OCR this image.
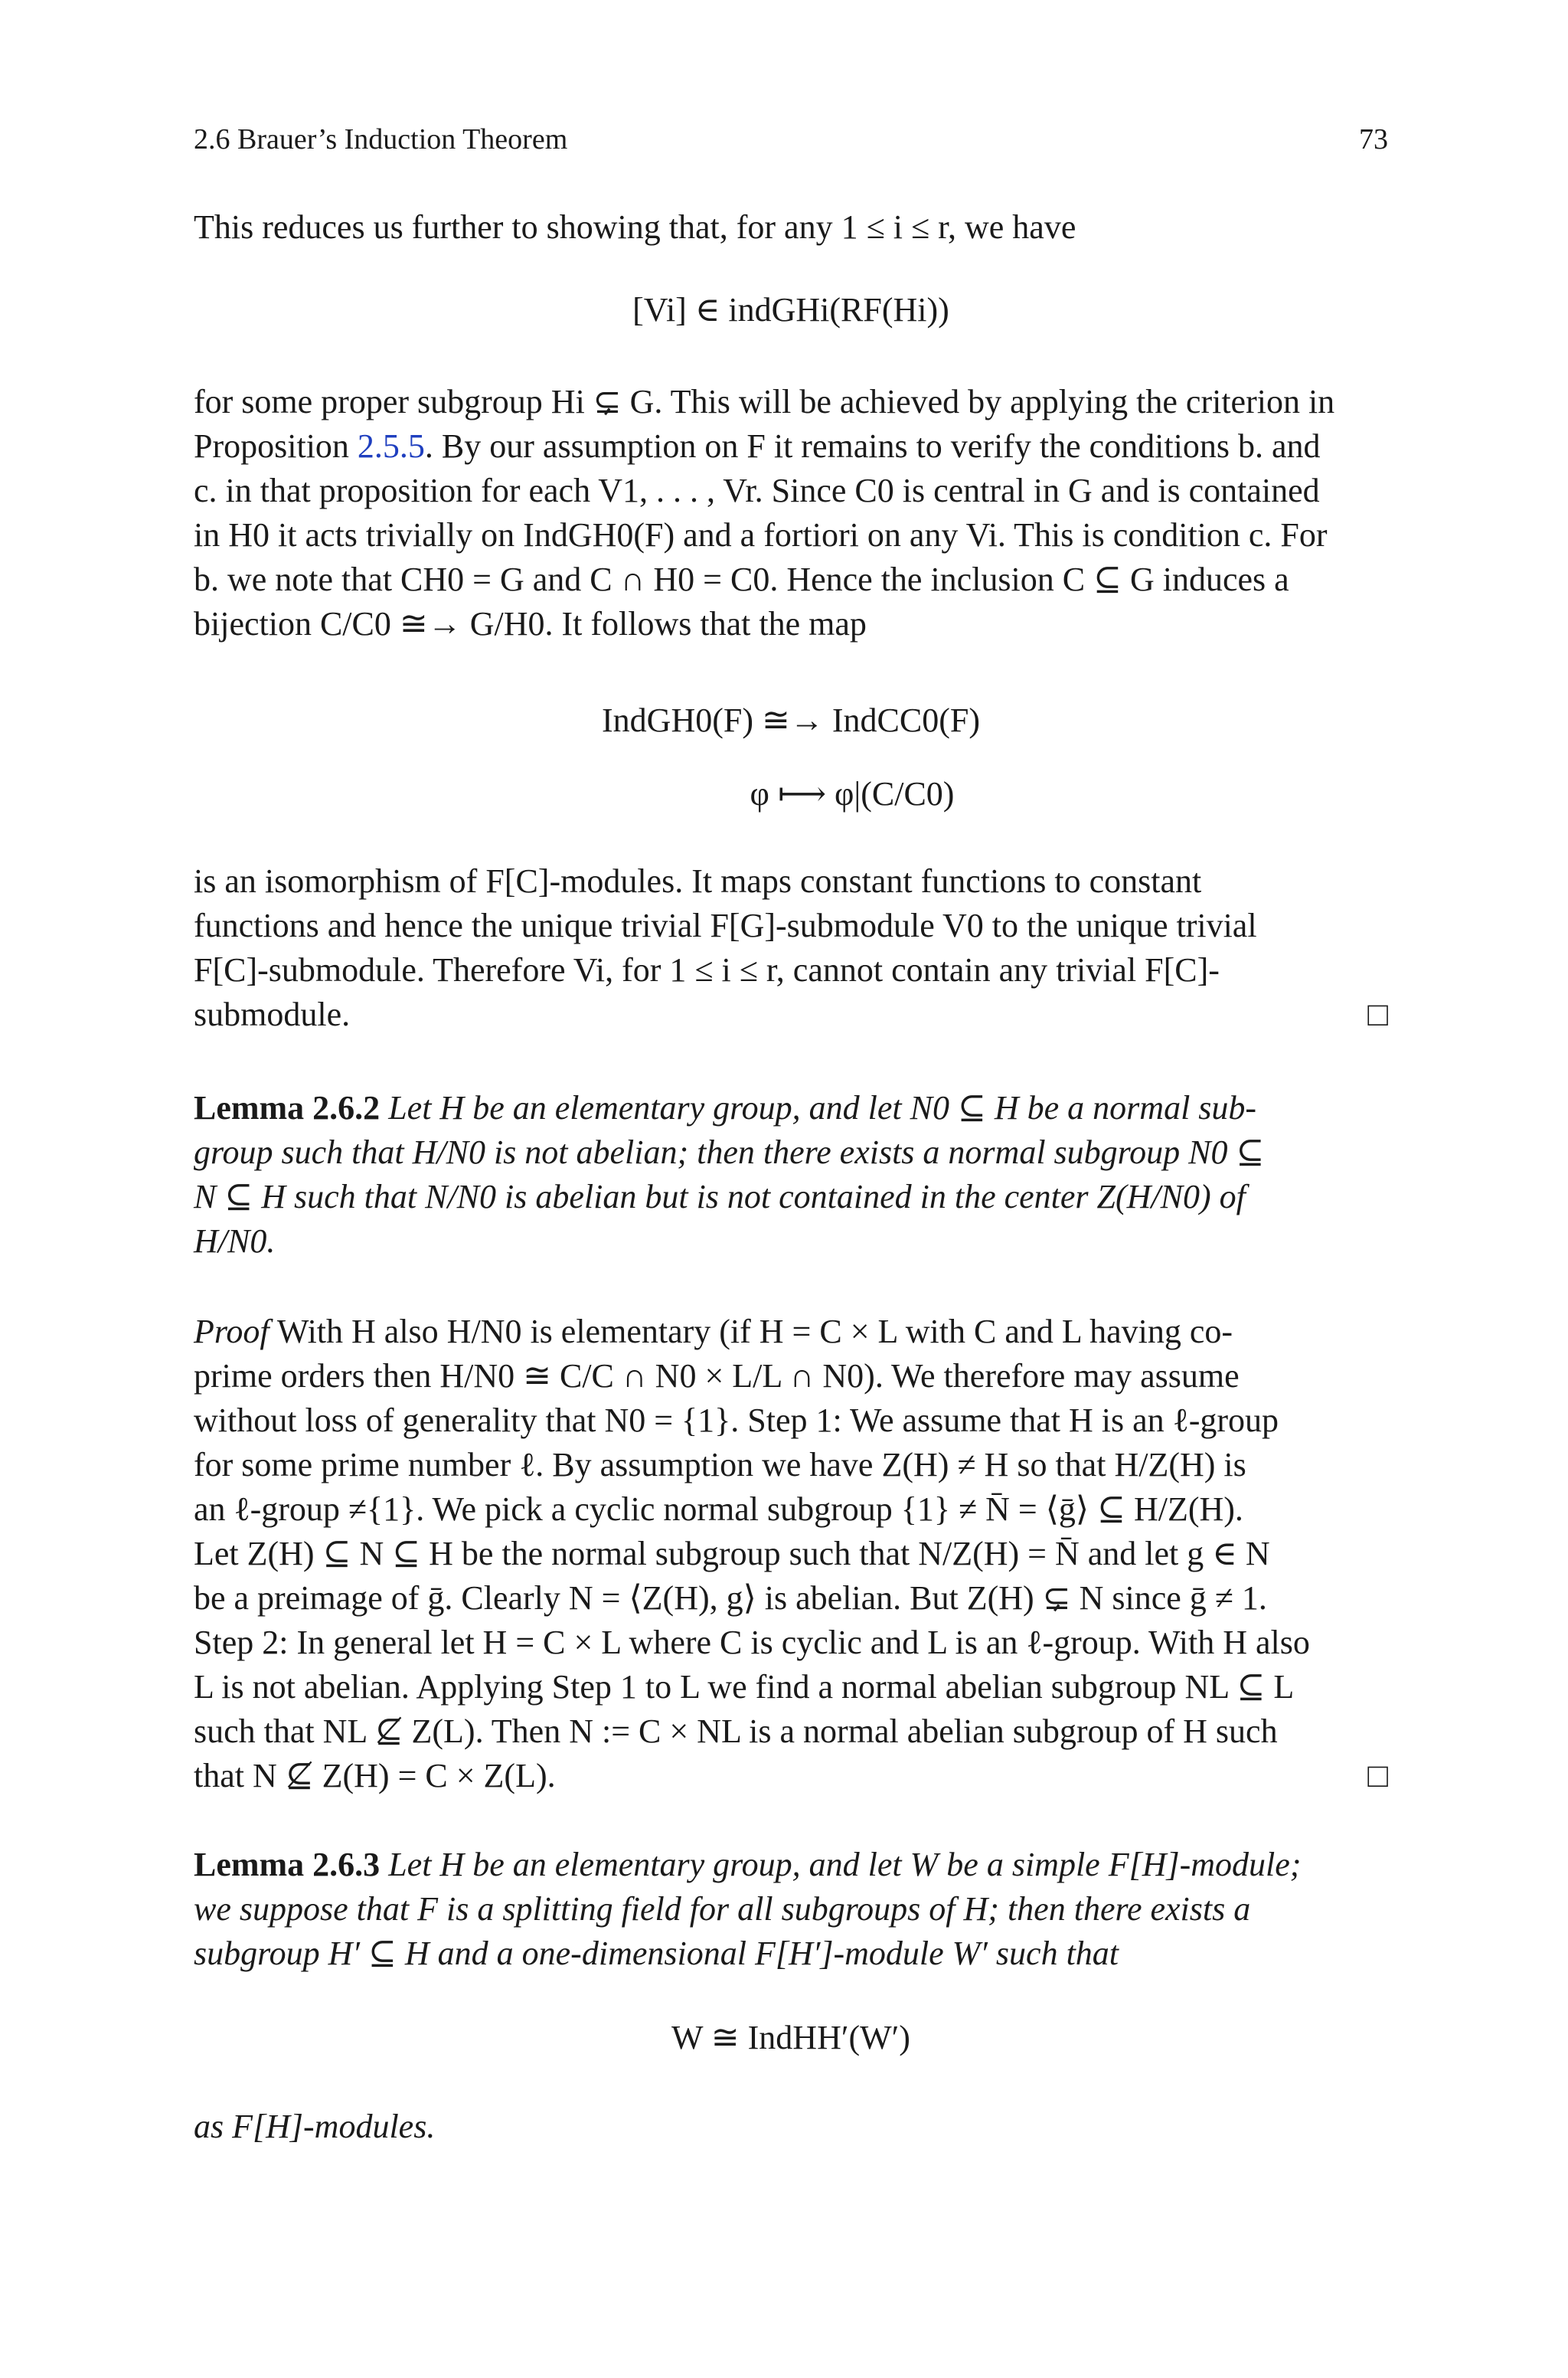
2.6 Brauer’s Induction Theorem	73

This reduces us further to showing that, for any 1 ≤ i ≤ r, we have

[Vi] ∈ indGHi(RF(Hi))

for some proper subgroup Hi ⊊ G. This will be achieved by applying the criterion in

Proposition 2.5.5. By our assumption on F it remains to verify the conditions b. and

c. in that proposition for each V1, . . . , Vr. Since C0 is central in G and is contained

in H0 it acts trivially on IndGH0(F) and a fortiori on any Vi. This is condition c. For

b. we note that CH0 = G and C ∩ H0 = C0. Hence the inclusion C ⊆ G induces a

bijection C/C0 ≅→ G/H0. It follows that the map

IndGH0(F) ≅→ IndCC0(F)

φ ⟼ φ|(C/C0)

is an isomorphism of F[C]-modules. It maps constant functions to constant

functions and hence the unique trivial F[G]-submodule V0 to the unique trivial

F[C]-submodule. Therefore Vi, for 1 ≤ i ≤ r, cannot contain any trivial F[C]-

submodule.	□

Lemma 2.6.2 Let H be an elementary group, and let N0 ⊆ H be a normal sub-

group such that H/N0 is not abelian; then there exists a normal subgroup N0 ⊆

N ⊆ H such that N/N0 is abelian but is not contained in the center Z(H/N0) of

H/N0.

Proof With H also H/N0 is elementary (if H = C × L with C and L having co-

prime orders then H/N0 ≅ C/C ∩ N0 × L/L ∩ N0). We therefore may assume

without loss of generality that N0 = {1}. Step 1: We assume that H is an ℓ-group

for some prime number ℓ. By assumption we have Z(H) ≠ H so that H/Z(H) is

an ℓ-group ≠{1}. We pick a cyclic normal subgroup {1} ≠ N̄ = ⟨ḡ⟩ ⊆ H/Z(H).

Let Z(H) ⊆ N ⊆ H be the normal subgroup such that N/Z(H) = N̄ and let g ∈ N

be a preimage of ḡ. Clearly N = ⟨Z(H), g⟩ is abelian. But Z(H) ⊊ N since ḡ ≠ 1.

Step 2: In general let H = C × L where C is cyclic and L is an ℓ-group. With H also

L is not abelian. Applying Step 1 to L we find a normal abelian subgroup NL ⊆ L

such that NL ⊈ Z(L). Then N := C × NL is a normal abelian subgroup of H such

that N ⊈ Z(H) = C × Z(L).	□

Lemma 2.6.3 Let H be an elementary group, and let W be a simple F[H]-module;

we suppose that F is a splitting field for all subgroups of H; then there exists a

subgroup H′ ⊆ H and a one-dimensional F[H′]-module W′ such that

W ≅ IndHH′(W′)

as F[H]-modules.
